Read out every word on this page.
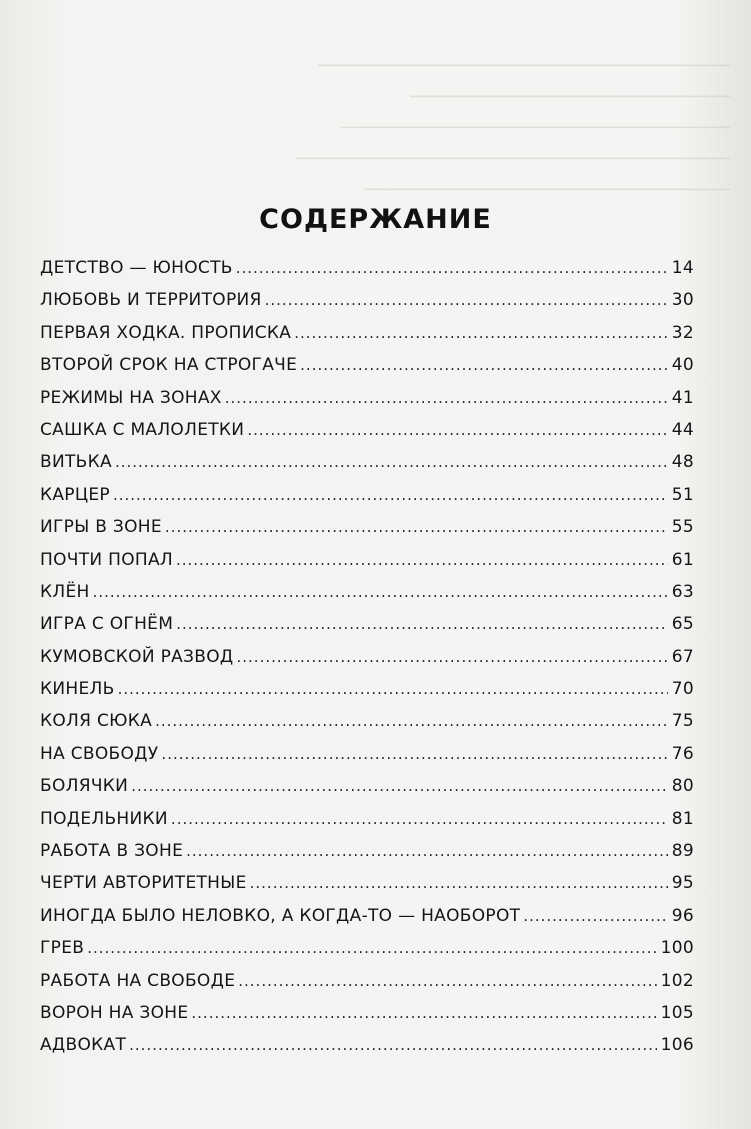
────────────────────────────────────
────────────────────────────
──────────────────────────────────
──────────────────────────────────────
────────────────────────────────

СОДЕРЖАНИЕ
ДЕТСТВО — ЮНОСТЬ .....	14
ЛЮБОВЬ И ТЕРРИТОРИЯ .....	30
ПЕРВАЯ ХОДКА. ПРОПИСКА .....	32
ВТОРОЙ СРОК НА СТРОГАЧЕ .....	40
РЕЖИМЫ НА ЗОНАХ .....	41
САШКА С МАЛОЛЕТКИ .....	44
ВИТЬКА .....	48
КАРЦЕР .....	51
ИГРЫ В ЗОНЕ .....	55
ПОЧТИ ПОПАЛ .....	61
КЛЁН .....	63
ИГРА С ОГНЁМ .....	65
КУМОВСКОЙ РАЗВОД .....	67
КИНЕЛЬ .....	70
КОЛЯ СЮКА .....	75
НА СВОБОДУ .....	76
БОЛЯЧКИ .....	80
ПОДЕЛЬНИКИ .....	81
РАБОТА В ЗОНЕ .....	89
ЧЕРТИ АВТОРИТЕТНЫЕ .....	95
ИНОГДА БЫЛО НЕЛОВКО, А КОГДА-ТО — НАОБОРОТ .....	96
ГРЕВ .....	100
РАБОТА НА СВОБОДЕ .....	102
ВОРОН НА ЗОНЕ .....	105
АДВОКАТ .....	106
